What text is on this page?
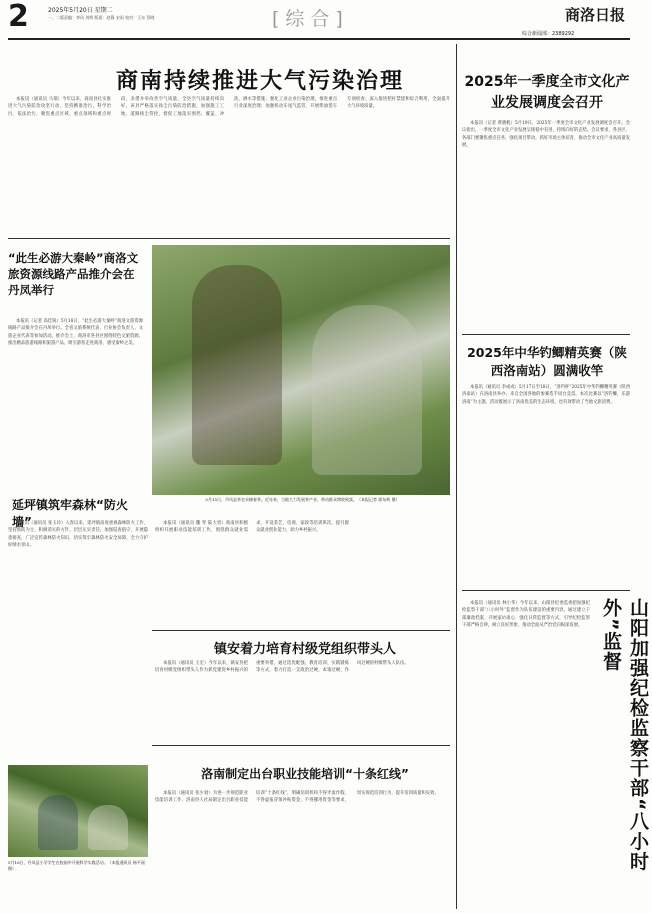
2	2025年5月20日 星期二
一、二版责编：李风 刘辉 版面：赵静 宋雨 校对：王东 蔡晓	[综合]	商洛日报
综合新闻部：2389292
商南持续推进大气污染治理

本报讯（通讯员 马瑞）今年以来，商南县扎实推进大气污染防治攻坚行动，坚持精准治污、科学治污、依法治污，聚焦重点区域、重点领域和重点时段，多措并举改善空气质量，全县空气质量持续向好。该县严格落实扬尘污染防治措施，加强施工工地、道路扬尘管控，督促工地落实围挡、覆盖、冲洗、洒水等措施；强化工业企业污染治理，推进重点行业深度治理；加强机动车尾气监管，开展柴油货车专项检查；深入推进秸秆禁烧和综合利用，全面提升大气环境质量。

“此生必游大秦岭”商洛文旅资源线路产品推介会在丹凤举行

本报讯（记者 高佳锐）5月18日，“此生必游大秦岭”商洛文旅资源线路产品推介会在丹凤举行。全省文旅系统代表、行业协会负责人、文旅企业代表等参加活动。推介会上，商洛市各县区围绕特色文旅资源，推出精品旅游线路和旅游产品，吸引游客走进商洛、感受秦岭之美。

5月15日，丹凤县茶农采摘春茶。近年来，当地大力发展茶产业，带动群众增收致富。（本报记者 郭东辉 摄）
延坪镇筑牢森林“防火墙”

本报讯（通讯员 张玉玲）入春以来，延坪镇高度重视森林防火工作，坚持预防为主、积极消灭的方针，层层压实责任，加强巡查值守，开展隐患排查，广泛宣传森林防火知识，切实筑牢森林防火安全屏障，全力守护好绿水青山。

本报讯（通讯员 魏 琴 陆大勇）商南县积极组织开展职业技能培训工作，围绕群众就业需求，开设茶艺、电商、家政等培训班次，提升群众就业创业能力，助力乡村振兴。

镇安着力培育村级党组织带头人

本报讯（通讯员 王宏）今年以来，镇安县把培育村级党组织带头人作为抓党建促乡村振兴的重要举措，通过选优配强、教育培训、实践锻炼等方式，着力打造一支政治过硬、本领过硬、作风过硬的村级带头人队伍。

5月16日，丹凤县小学学生在校园中开展科学实践活动。（本报通讯员 杨平丽 摄）
洛南制定出台职业技能培训“十条红线”

本报讯（通讯员 张少勃）为进一步规范职业技能培训工作，洛南县人社局制定出台职业技能培训“十条红线”，明确培训机构不得弄虚作假、不得虚报冒领补贴资金、不得挪用资金等要求，切实规范培训行为，提升培训质量和实效。

2025年一季度全市文化产业发展调度会召开

本报讯（记者 黄晓帆）5月19日，2025年一季度全市文化产业发展调度会召开。会议指出，一季度全市文化产业发展呈现稳中有进、持续向好的态势。会议要求，各县区、各部门要聚焦重点任务，强化项目带动，抓好市场主体培育，推动全市文化产业高质量发展。

2025年中华钓鲫精英赛（陕西洛南站）圆满收竿

本报讯（通讯员 李成成）5月17日至18日，“洛钓杯”2025年中华钓鲫精英赛（陕西洛南站）在洛南县举办，来自全国各地的参赛选手同台竞技。本次比赛以“洛钓鲫，乐游洛南”为主题，活动既展示了洛南优美的生态环境，也有效带动了当地文旅消费。

本报讯（通讯员 林小华）今年以来，山阳县纪委监委把加强纪检监察干部“八小时外”监督作为队伍建设的重要内容，通过建立干部廉政档案、开展家访谈心、强化日常监督等方式，引导纪检监察干部严格自律，树立良好形象，推动全面从严治党向纵深发展。	山阳加强纪检监察干部“八小时外”监督
